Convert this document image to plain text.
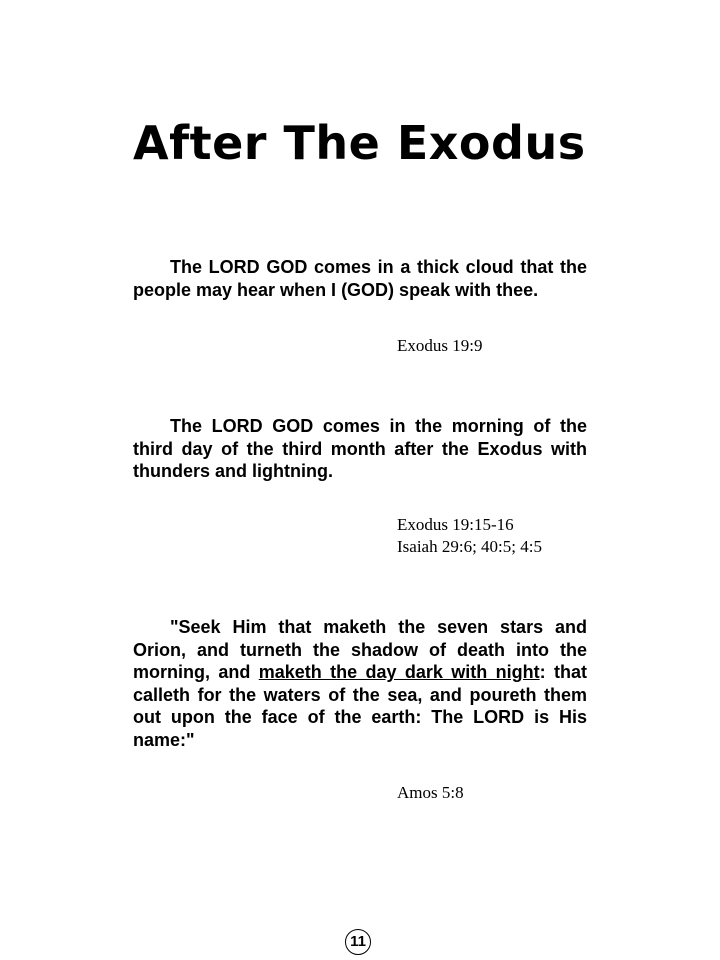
After The Exodus

The LORD GOD comes in a thick cloud that the people may hear when I (GOD) speak with thee.

Exodus 19:9

The LORD GOD comes in the morning of the third day of the third month after the Exodus with thunders and lightning.

Exodus 19:15-16
Isaiah 29:6; 40:5; 4:5

"Seek Him that maketh the seven stars and Orion, and turneth the shadow of death into the morning, and maketh the day dark with night: that calleth for the waters of the sea, and poureth them out upon the face of the earth: The LORD is His name:"

Amos 5:8
11
